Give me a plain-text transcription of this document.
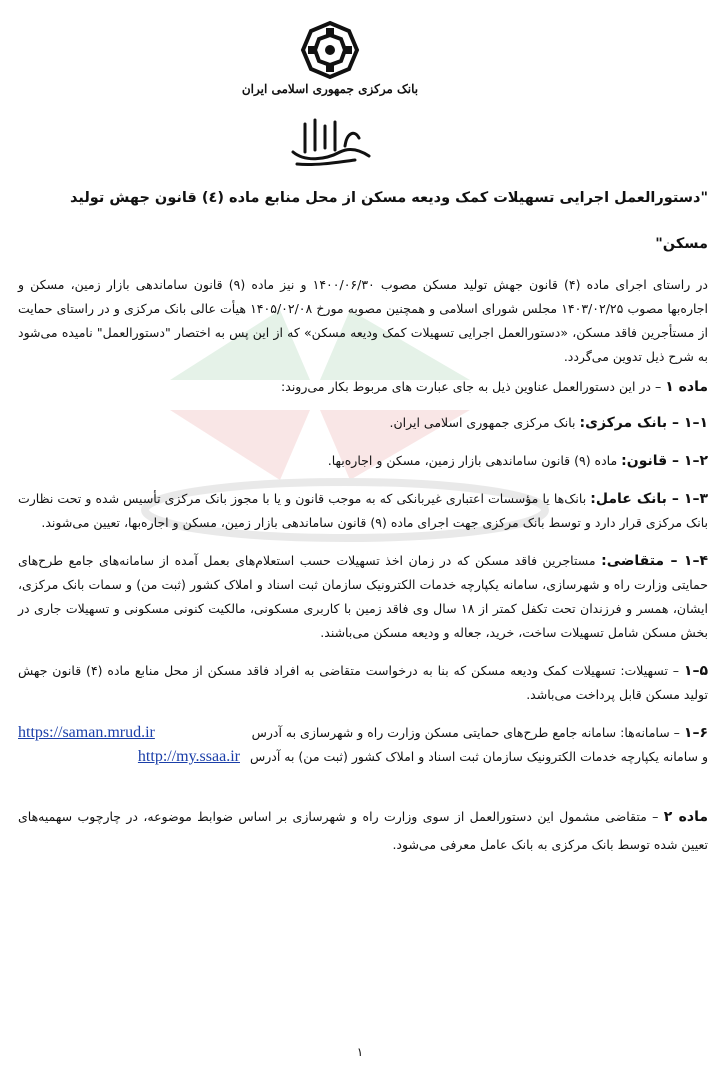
بانک مرکزی جمهوری اسلامی ایران

"دستورالعمل اجرایی تسهیلات کمک ودیعه مسکن از محل منابع ماده (٤) قانون جهش تولید

مسکن"

در راستای اجرای ماده (۴) قانون جهش تولید مسکن مصوب ۱۴۰۰/۰۶/۳۰ و نیز ماده (۹) قانون ساماندهی بازار زمین، مسکن و اجاره‌بها مصوب ۱۴۰۳/۰۲/۲۵ مجلس شورای اسلامی و همچنین مصوبه مورخ ۱۴۰۵/۰۲/۰۸ هیأت عالی بانک مرکزی و در راستای حمایت از مستأجرین فاقد مسکن، «دستورالعمل اجرایی تسهیلات کمک ودیعه مسکن» که از این پس به اختصار "دستورالعمل" نامیده می‌شود به شرح ذیل تدوین می‌گردد.

ماده ۱ – در این دستورالعمل عناوین ذیل به جای عبارت های مربوط بکار می‌روند:

۱–۱ – بانک مرکزی: بانک مرکزی جمهوری اسلامی ایران.

۲–۱ – قانون: ماده (۹) قانون ساماندهی بازار زمین، مسکن و اجاره‌بها.

۳–۱ – بانک عامل: بانک‌ها یا مؤسسات اعتباری غیربانکی که به موجب قانون و یا با مجوز بانک مرکزی تأسیس شده و تحت نظارت بانک مرکزی قرار دارد و توسط بانک مرکزی جهت اجرای ماده (۹) قانون ساماندهی بازار زمین، مسکن و اجاره‌بها، تعیین می‌شوند.

۴–۱ – متقاضی: مستاجرین فاقد مسکن که در زمان اخذ تسهیلات حسب استعلام‌های بعمل آمده از سامانه‌های جامع طرح‌های حمایتی وزارت راه و شهرسازی، سامانه یکپارچه خدمات الکترونیک سازمان ثبت اسناد و املاک کشور (ثبت من) و سمات بانک مرکزی، ایشان، همسر و فرزندان تحت تکفل کمتر از ۱۸ سال وی فاقد زمین با کاربری مسکونی، مالکیت کنونی مسکونی و تسهیلات جاری در بخش مسکن شامل تسهیلات ساخت، خرید، جعاله و ودیعه مسکن می‌باشند.

۵–۱ – تسهیلات: تسهیلات کمک ودیعه مسکن که بنا به درخواست متقاضی به افراد فاقد مسکن از محل منابع ماده (۴) قانون جهش تولید مسکن قابل پرداخت می‌باشد.

۶–۱ – سامانه‌ها: سامانه جامع طرح‌های حمایتی مسکن وزارت راه و شهرسازی به آدرس
https://saman.mrud.ir

و سامانه یکپارچه خدمات الکترونیک سازمان ثبت اسناد و املاک کشور (ثبت من) به آدرس http://my.ssaa.ir

ماده ۲ – متقاضی مشمول این دستورالعمل از سوی وزارت راه و شهرسازی بر اساس ضوابط موضوعه، در چارچوب سهمیه‌های تعیین شده توسط بانک مرکزی به بانک عامل معرفی می‌شود.

۱
